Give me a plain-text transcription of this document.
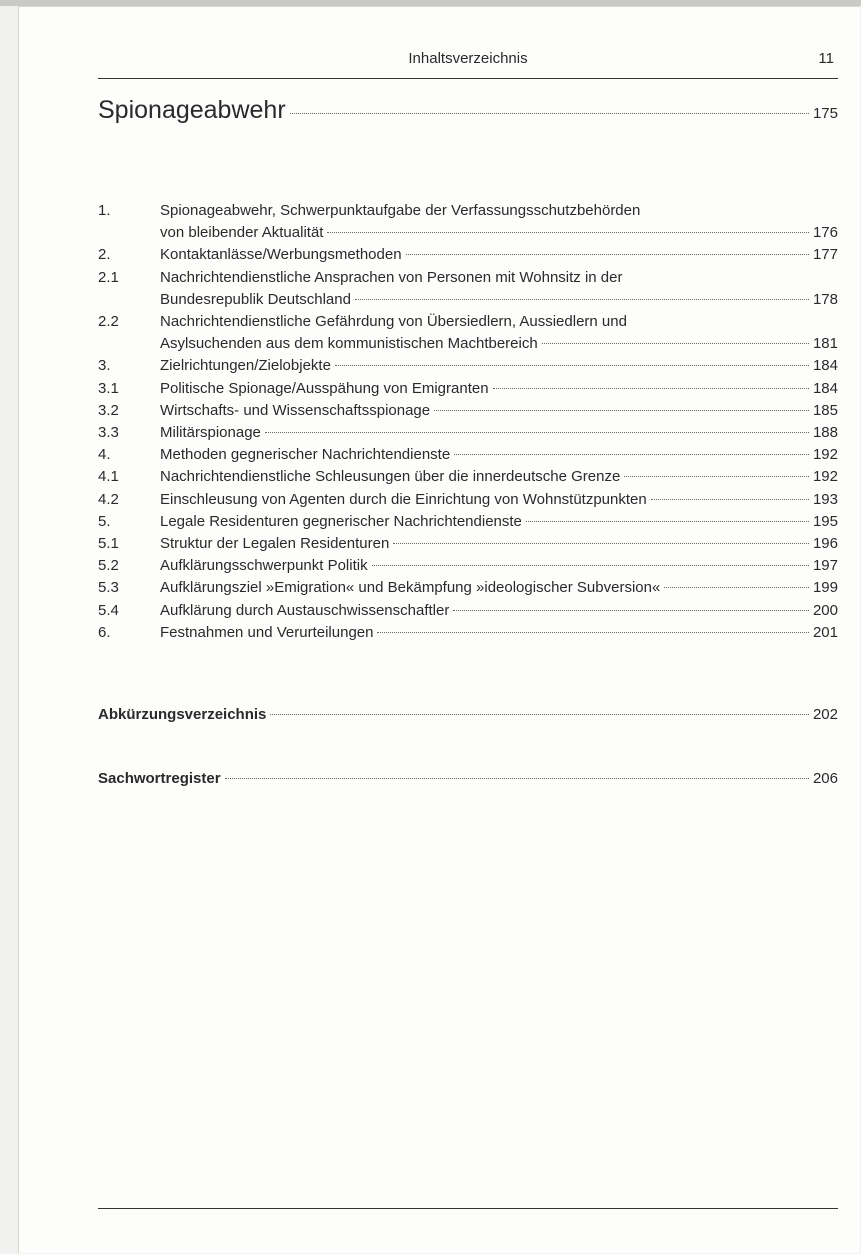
Inhaltsverzeichnis	11
Spionageabwehr	175
1.	Spionageabwehr, Schwerpunktaufgabe der Verfassungsschutzbehörden
von bleibender Aktualität	176
2.	Kontaktanlässe/Werbungsmethoden	177
2.1	Nachrichtendienstliche Ansprachen von Personen mit Wohnsitz in der
Bundesrepublik Deutschland	178
2.2	Nachrichtendienstliche Gefährdung von Übersiedlern, Aussiedlern und
Asylsuchenden aus dem kommunistischen Machtbereich	181
3.	Zielrichtungen/Zielobjekte	184
3.1	Politische Spionage/Ausspähung von Emigranten	184
3.2	Wirtschafts- und Wissenschaftsspionage	185
3.3	Militärspionage	188
4.	Methoden gegnerischer Nachrichtendienste	192
4.1	Nachrichtendienstliche Schleusungen über die innerdeutsche Grenze	192
4.2	Einschleusung von Agenten durch die Einrichtung von Wohnstützpunkten	193
5.	Legale Residenturen gegnerischer Nachrichtendienste	195
5.1	Struktur der Legalen Residenturen	196
5.2	Aufklärungsschwerpunkt Politik	197
5.3	Aufklärungsziel »Emigration« und Bekämpfung »ideologischer Subversion«	199
5.4	Aufklärung durch Austauschwissenschaftler	200
6.	Festnahmen und Verurteilungen	201
Abkürzungsverzeichnis	202
Sachwortregister	206
